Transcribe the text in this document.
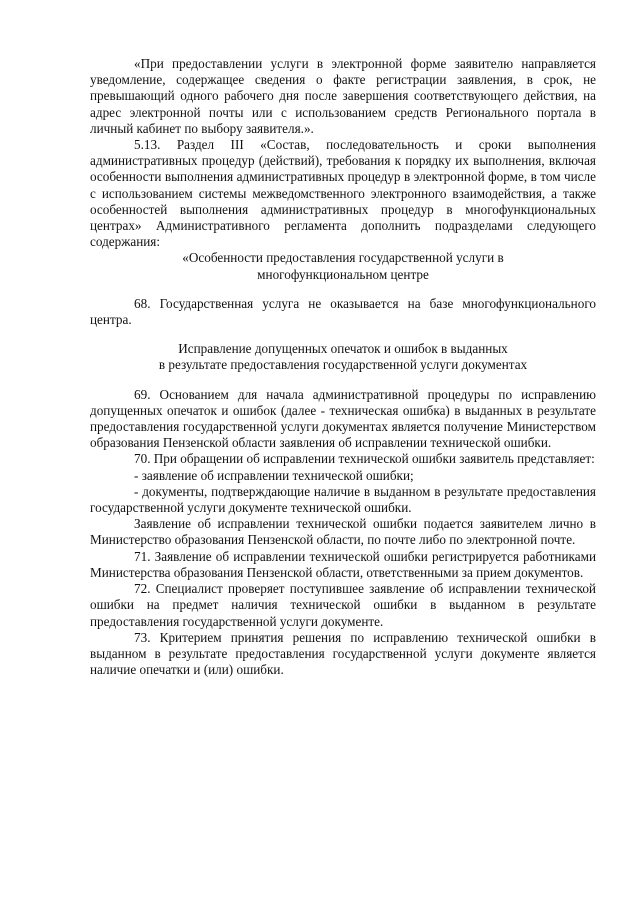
«При предоставлении услуги в электронной форме заявителю направляется уведомление, содержащее сведения о факте регистрации заявления, в срок, не превышающий одного рабочего дня после завершения соответствующего действия, на адрес электронной почты или с использованием средств Регионального портала в личный кабинет по выбору заявителя.».

5.13. Раздел III «Состав, последовательность и сроки выполнения административных процедур (действий), требования к порядку их выполнения, включая особенности выполнения административных процедур в электронной форме, в том числе с использованием системы межведомственного электронного взаимодействия, а также особенностей выполнения административных процедур в многофункциональных центрах» Административного регламента дополнить подразделами следующего содержания:

«Особенности предоставления государственной услуги в

многофункциональном центре

68. Государственная услуга не оказывается на базе многофункционального центра.

Исправление допущенных опечаток и ошибок в выданных

в результате предоставления государственной услуги документах

69. Основанием для начала административной процедуры по исправлению допущенных опечаток и ошибок (далее - техническая ошибка) в выданных в результате предоставления государственной услуги документах является получение Министерством образования Пензенской области заявления об исправлении технической ошибки.

70. При обращении об исправлении технической ошибки заявитель представляет:

- заявление об исправлении технической ошибки;

- документы, подтверждающие наличие в выданном в результате предоставления государственной услуги документе технической ошибки.

Заявление об исправлении технической ошибки подается заявителем лично в Министерство образования Пензенской области, по почте либо по электронной почте.

71. Заявление об исправлении технической ошибки регистрируется работниками Министерства образования Пензенской области, ответственными за прием документов.

72. Специалист проверяет поступившее заявление об исправлении технической ошибки на предмет наличия технической ошибки в выданном в результате предоставления государственной услуги документе.

73. Критерием принятия решения по исправлению технической ошибки в выданном в результате предоставления государственной услуги документе является наличие опечатки и (или) ошибки.
